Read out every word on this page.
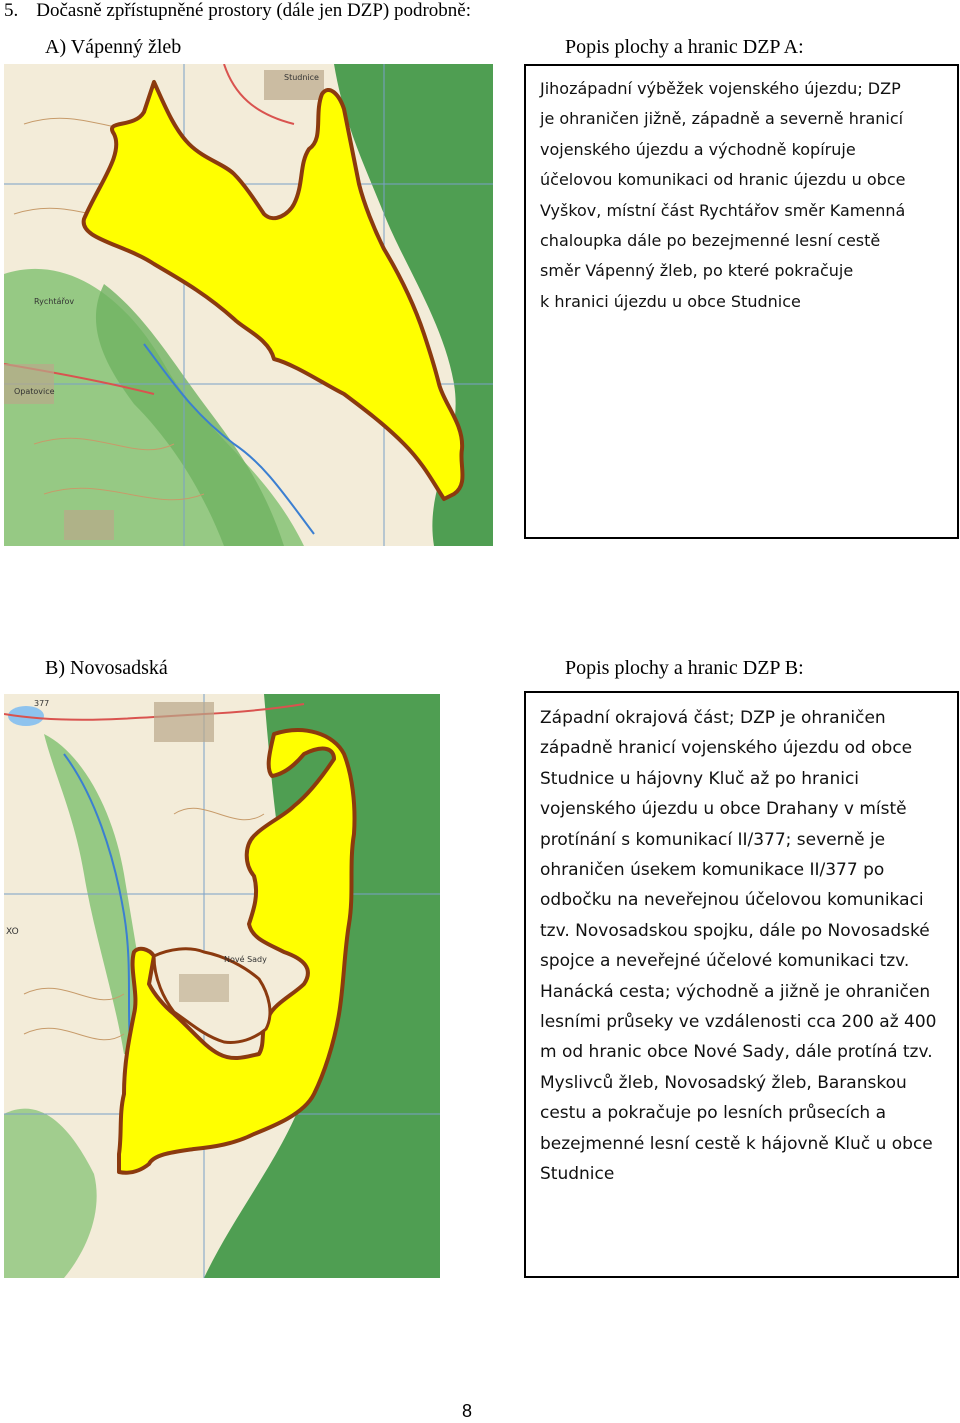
5. Dočasně zpřístupněné prostory (dále jen DZP) podrobně:
A) Vápenný žleb	Popis plochy a hranic DZP A:
Studnice
Rychtářov
Opatovice
Jihozápadní výběžek vojenského újezdu; DZP
je ohraničen jižně, západně a severně hranicí
vojenského újezdu a východně kopíruje
účelovou komunikaci od hranic újezdu u obce
Vyškov, místní část Rychtářov směr Kamenná
chaloupka dále po bezejmenné lesní cestě
směr Vápenný žleb, po které pokračuje
k hranici újezdu u obce Studnice
B) Novosadská	Popis plochy a hranic DZP B:
377
Nové Sady
XO
Západní okrajová část; DZP je ohraničen
západně hranicí vojenského újezdu od obce
Studnice u hájovny Kluč až po hranici
vojenského újezdu u obce Drahany v místě
protínání s komunikací II/377; severně je
ohraničen úsekem komunikace II/377 po
odbočku na neveřejnou účelovou komunikaci
tzv. Novosadskou spojku, dále po Novosadské
spojce a neveřejné účelové komunikaci tzv.
Hanácká cesta; východně a jižně je ohraničen
lesními průseky ve vzdálenosti cca 200 až 400
m od hranic obce Nové Sady, dále protíná tzv.
Myslivců žleb, Novosadský žleb, Baranskou
cestu a pokračuje po lesních průsecích a
bezejmenné lesní cestě k hájovně Kluč u obce
Studnice
8
